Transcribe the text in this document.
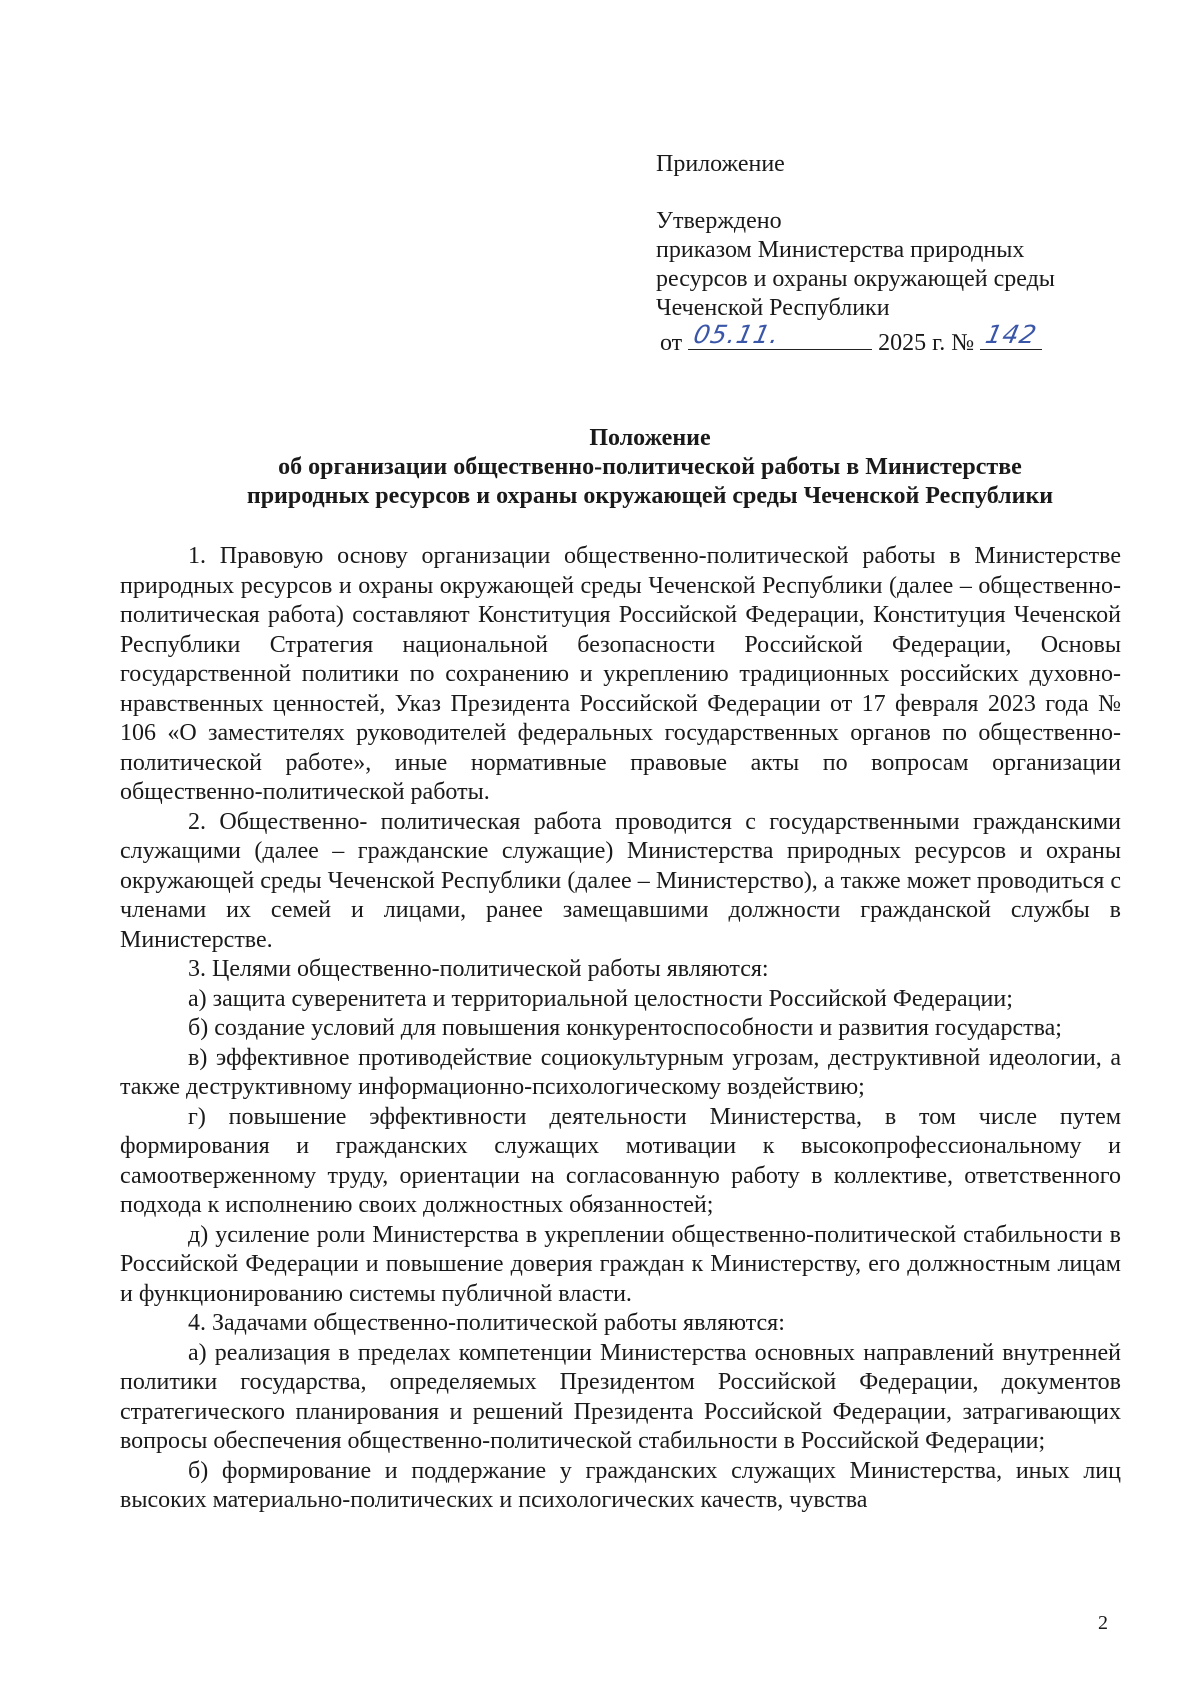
Приложение
Утверждено
приказом Министерства природных
ресурсов и охраны окружающей среды
Чеченской Республики
от 05.11.	2025 г. № 142
Положение
об организации общественно-политической работы в Министерстве
природных ресурсов и охраны окружающей среды Чеченской Республики

1. Правовую основу организации общественно-политической работы в Министерстве природных ресурсов и охраны окружающей среды Чеченской Республики (далее – общественно-политическая работа) составляют Конституция Российской Федерации, Конституция Чеченской Республики Стратегия национальной безопасности Российской Федерации, Основы государственной политики по сохранению и укреплению традиционных российских духовно-нравственных ценностей, Указ Президента Российской Федерации от 17 февраля 2023 года № 106 «О заместителях руководителей федеральных государственных органов по общественно-политической работе», иные нормативные правовые акты по вопросам организации общественно-политической работы.

2. Общественно- политическая работа проводится с государственными гражданскими служащими (далее – гражданские служащие) Министерства природных ресурсов и охраны окружающей среды Чеченской Республики (далее – Министерство), а также может проводиться с членами их семей и лицами, ранее замещавшими должности гражданской службы в Министерстве.

3. Целями общественно-политической работы являются:

а) защита суверенитета и территориальной целостности Российской Федерации;

б) создание условий для повышения конкурентоспособности и развития государства;

в) эффективное противодействие социокультурным угрозам, деструктивной идеологии, а также деструктивному информационно-психологическому воздействию;

г) повышение эффективности деятельности Министерства, в том числе путем формирования и гражданских служащих мотивации к высокопрофессиональному и самоотверженному труду, ориентации на согласованную работу в коллективе, ответственного подхода к исполнению своих должностных обязанностей;

д) усиление роли Министерства в укреплении общественно-политической стабильности в Российской Федерации и повышение доверия граждан к Министерству, его должностным лицам и функционированию системы публичной власти.

4. Задачами общественно-политической работы являются:

а) реализация в пределах компетенции Министерства основных направлений внутренней политики государства, определяемых Президентом Российской Федерации, документов стратегического планирования и решений Президента Российской Федерации, затрагивающих вопросы обеспечения общественно-политической стабильности в Российской Федерации;

б) формирование и поддержание у гражданских служащих Министерства, иных лиц высоких материально-политических и психологических качеств, чувства

2
